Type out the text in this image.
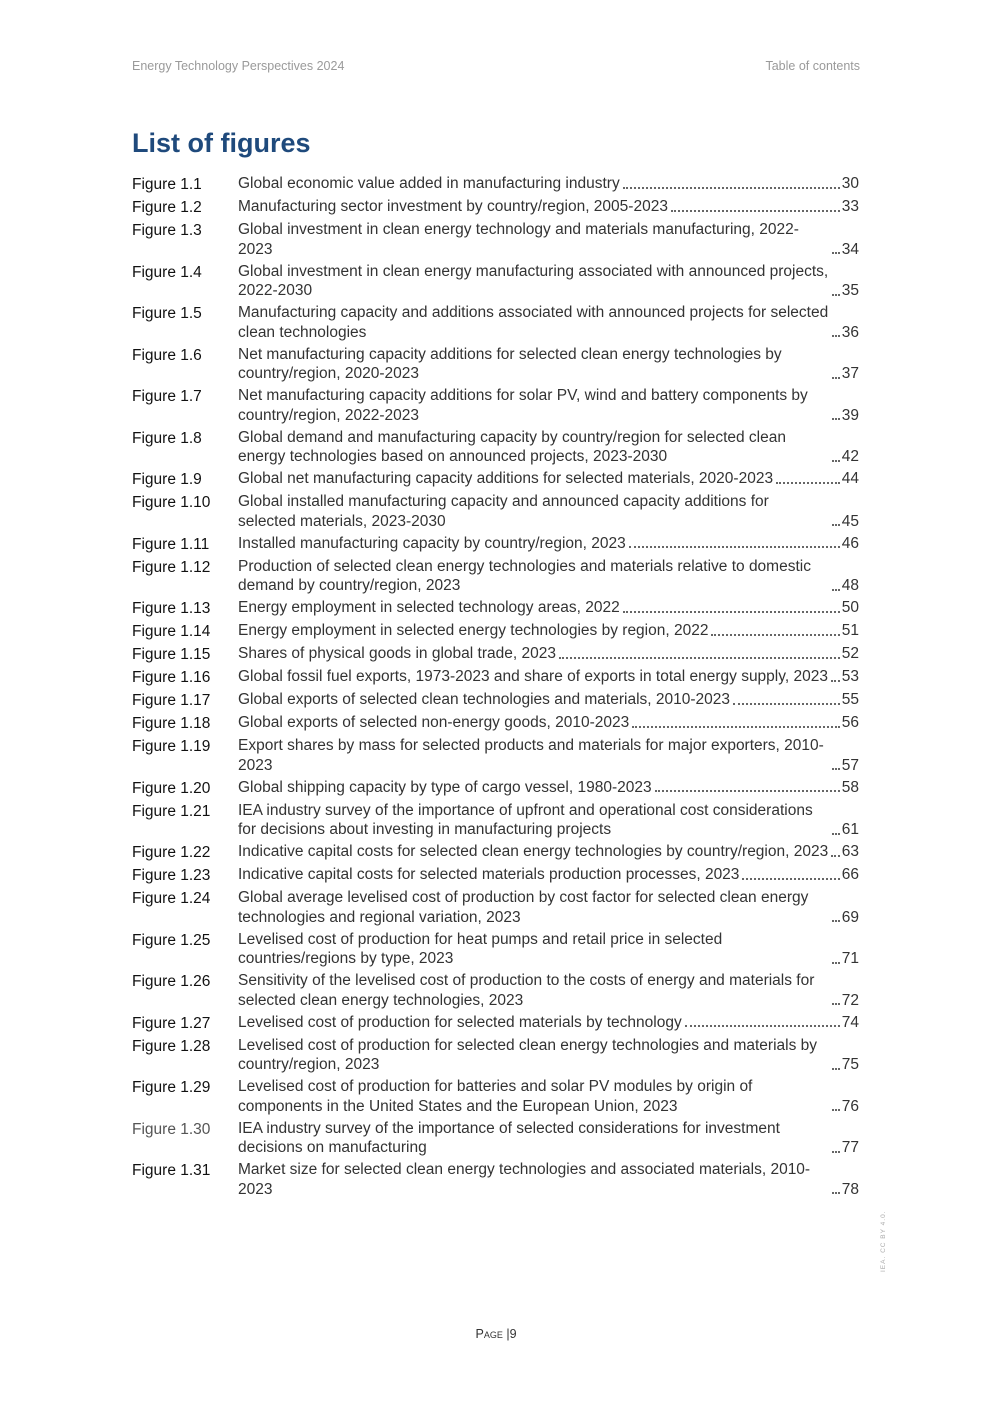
Energy Technology Perspectives 2024	Table of contents
List of figures
Figure 1.1	Global economic value added in manufacturing industry	30
Figure 1.2	Manufacturing sector investment by country/region, 2005-2023	33
Figure 1.3	Global investment in clean energy technology and materials manufacturing, 2022-2023	34
Figure 1.4	Global investment in clean energy manufacturing associated with announced projects, 2022-2030	35
Figure 1.5	Manufacturing capacity and additions associated with announced projects for selected clean technologies	36
Figure 1.6	Net manufacturing capacity additions for selected clean energy technologies by country/region, 2020-2023	37
Figure 1.7	Net manufacturing capacity additions for solar PV, wind and battery components by country/region, 2022-2023	39
Figure 1.8	Global demand and manufacturing capacity by country/region for selected clean energy technologies based on announced projects, 2023-2030	42
Figure 1.9	Global net manufacturing capacity additions for selected materials, 2020-2023	44
Figure 1.10	Global installed manufacturing capacity and announced capacity additions for selected materials, 2023-2030	45
Figure 1.11	Installed manufacturing capacity by country/region, 2023	46
Figure 1.12	Production of selected clean energy technologies and materials relative to domestic demand by country/region, 2023	48
Figure 1.13	Energy employment in selected technology areas, 2022	50
Figure 1.14	Energy employment in selected energy technologies by region, 2022	51
Figure 1.15	Shares of physical goods in global trade, 2023	52
Figure 1.16	Global fossil fuel exports, 1973-2023 and share of exports in total energy supply, 2023 53
Figure 1.17	Global exports of selected clean technologies and materials, 2010-2023	55
Figure 1.18	Global exports of selected non-energy goods, 2010-2023	56
Figure 1.19	Export shares by mass for selected products and materials for major exporters, 2010-2023	57
Figure 1.20	Global shipping capacity by type of cargo vessel, 1980-2023	58
Figure 1.21	IEA industry survey of the importance of upfront and operational cost considerations for decisions about investing in manufacturing projects	61
Figure 1.22	Indicative capital costs for selected clean energy technologies by country/region, 2023 63
Figure 1.23	Indicative capital costs for selected materials production processes, 2023	66
Figure 1.24	Global average levelised cost of production by cost factor for selected clean energy technologies and regional variation, 2023	69
Figure 1.25	Levelised cost of production for heat pumps and retail price in selected countries/regions by type, 2023	71
Figure 1.26	Sensitivity of the levelised cost of production to the costs of energy and materials for selected clean energy technologies, 2023	72
Figure 1.27	Levelised cost of production for selected materials by technology	74
Figure 1.28	Levelised cost of production for selected clean energy technologies and materials by country/region, 2023	75
Figure 1.29	Levelised cost of production for batteries and solar PV modules by origin of components in the United States and the European Union, 2023	76
Figure 1.30	IEA industry survey of the importance of selected considerations for investment decisions on manufacturing	77
Figure 1.31	Market size for selected clean energy technologies and associated materials, 2010-2023	78
Page |9
IEA. CC BY 4.0.
